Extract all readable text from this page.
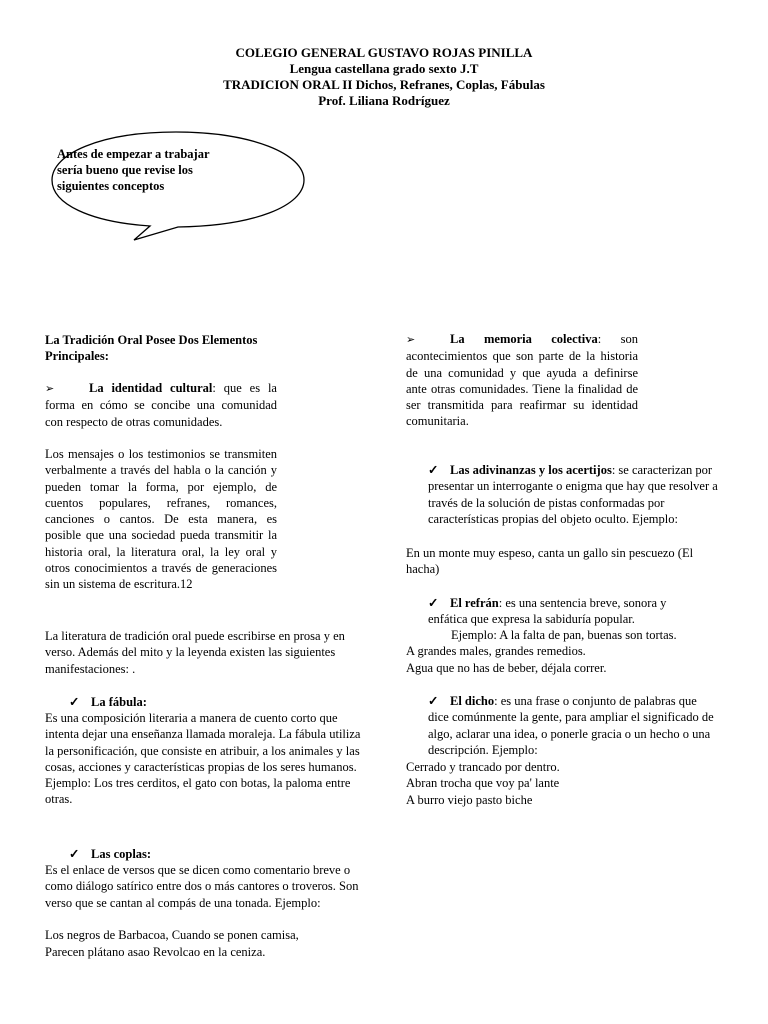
COLEGIO GENERAL GUSTAVO ROJAS PINILLA
Lengua castellana grado sexto J.T
TRADICION ORAL II Dichos, Refranes, Coplas, Fábulas
Prof. Liliana Rodríguez
Antes de empezar a trabajar sería bueno que revise los siguientes conceptos
La Tradición Oral Posee Dos Elementos Principales:
➢	La identidad cultural: que es la forma en cómo se concibe una comunidad con respecto de otras comunidades.
Los mensajes o los testimonios se transmiten verbalmente a través del habla o la canción y pueden tomar la forma, por ejemplo, de cuentos populares, refranes, romances, canciones o cantos. De esta manera, es posible que una sociedad pueda transmitir la historia oral, la literatura oral, la ley oral y otros conocimientos a través de generaciones sin un sistema de escritura.12
La literatura de tradición oral puede escribirse en prosa y en verso. Además del mito y la leyenda existen las siguientes manifestaciones: .
✓ La fábula:
Es una composición literaria a manera de cuento corto que intenta dejar una enseñanza llamada moraleja. La fábula utiliza la personificación, que consiste en atribuir, a los animales y las cosas, acciones y características propias de los seres humanos. Ejemplo: Los tres cerditos, el gato con botas, la paloma entre otras.
✓ Las coplas:
Es el enlace de versos que se dicen como comentario breve o como diálogo satírico entre dos o más cantores o troveros. Son verso que se cantan al compás de una tonada. Ejemplo:
Los negros de Barbacoa, Cuando se ponen camisa,
Parecen plátano asao Revolcao en la ceniza.
➢	La memoria colectiva: son acontecimientos que son parte de la historia de una comunidad y que ayuda a definirse ante otras comunidades. Tiene la finalidad de ser transmitida para reafirmar su identidad comunitaria.
✓ Las adivinanzas y los acertijos: se caracterizan por presentar un interrogante o enigma que hay que resolver a través de la solución de pistas conformadas por características propias del objeto oculto. Ejemplo:
En un monte muy espeso, canta un gallo sin pescuezo (El hacha)
✓ El refrán: es una sentencia breve, sonora y enfática que expresa la sabiduría popular.
Ejemplo: A la falta de pan, buenas son tortas.
A grandes males, grandes remedios.
Agua que no has de beber, déjala correr.
✓ El dicho: es una frase o conjunto de palabras que dice comúnmente la gente, para ampliar el significado de algo, aclarar una idea, o ponerle gracia o un hecho o una descripción. Ejemplo:
Cerrado y trancado por dentro.
Abran trocha que voy pa' lante
A burro viejo pasto biche
